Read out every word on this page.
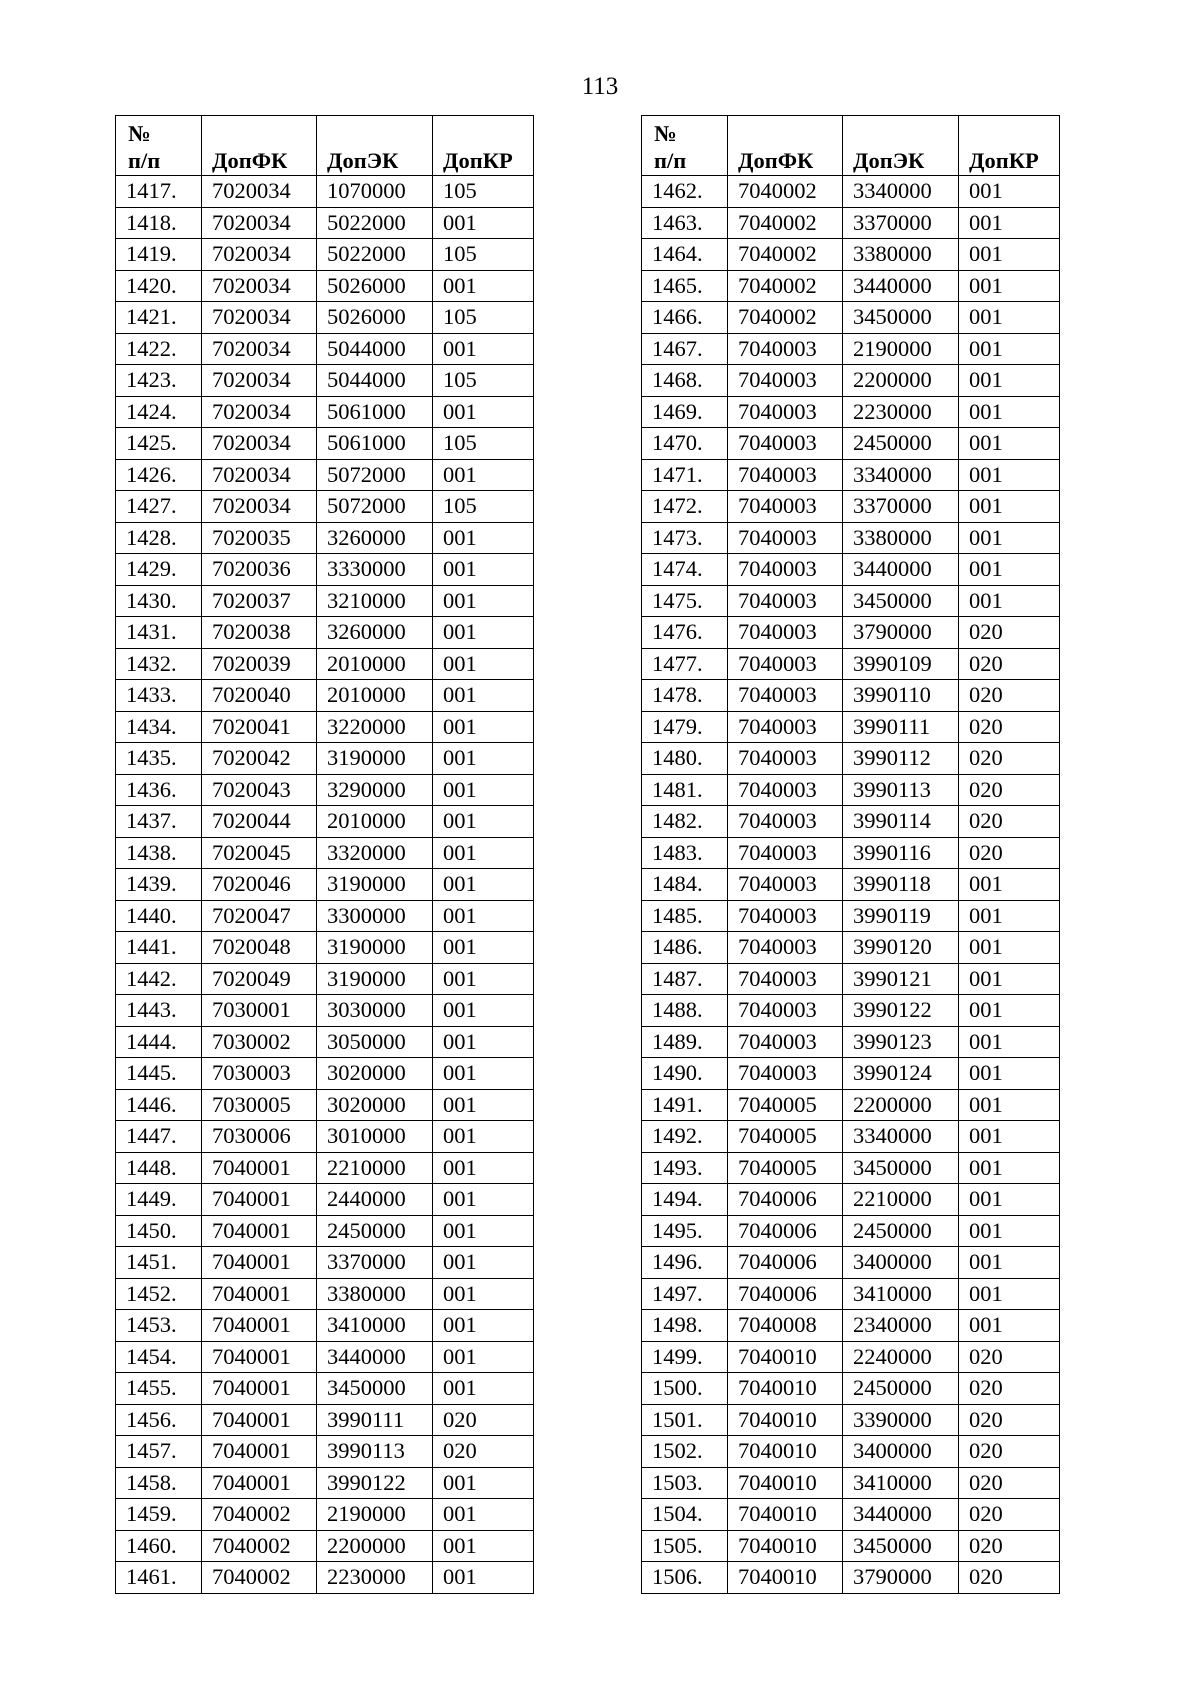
113
№
п/п	ДопФК	ДопЭК	ДопКР
1417.	7020034	1070000	105
1418.	7020034	5022000	001
1419.	7020034	5022000	105
1420.	7020034	5026000	001
1421.	7020034	5026000	105
1422.	7020034	5044000	001
1423.	7020034	5044000	105
1424.	7020034	5061000	001
1425.	7020034	5061000	105
1426.	7020034	5072000	001
1427.	7020034	5072000	105
1428.	7020035	3260000	001
1429.	7020036	3330000	001
1430.	7020037	3210000	001
1431.	7020038	3260000	001
1432.	7020039	2010000	001
1433.	7020040	2010000	001
1434.	7020041	3220000	001
1435.	7020042	3190000	001
1436.	7020043	3290000	001
1437.	7020044	2010000	001
1438.	7020045	3320000	001
1439.	7020046	3190000	001
1440.	7020047	3300000	001
1441.	7020048	3190000	001
1442.	7020049	3190000	001
1443.	7030001	3030000	001
1444.	7030002	3050000	001
1445.	7030003	3020000	001
1446.	7030005	3020000	001
1447.	7030006	3010000	001
1448.	7040001	2210000	001
1449.	7040001	2440000	001
1450.	7040001	2450000	001
1451.	7040001	3370000	001
1452.	7040001	3380000	001
1453.	7040001	3410000	001
1454.	7040001	3440000	001
1455.	7040001	3450000	001
1456.	7040001	3990111	020
1457.	7040001	3990113	020
1458.	7040001	3990122	001
1459.	7040002	2190000	001
1460.	7040002	2200000	001
1461.	7040002	2230000	001
№
п/п	ДопФК	ДопЭК	ДопКР
1462.	7040002	3340000	001
1463.	7040002	3370000	001
1464.	7040002	3380000	001
1465.	7040002	3440000	001
1466.	7040002	3450000	001
1467.	7040003	2190000	001
1468.	7040003	2200000	001
1469.	7040003	2230000	001
1470.	7040003	2450000	001
1471.	7040003	3340000	001
1472.	7040003	3370000	001
1473.	7040003	3380000	001
1474.	7040003	3440000	001
1475.	7040003	3450000	001
1476.	7040003	3790000	020
1477.	7040003	3990109	020
1478.	7040003	3990110	020
1479.	7040003	3990111	020
1480.	7040003	3990112	020
1481.	7040003	3990113	020
1482.	7040003	3990114	020
1483.	7040003	3990116	020
1484.	7040003	3990118	001
1485.	7040003	3990119	001
1486.	7040003	3990120	001
1487.	7040003	3990121	001
1488.	7040003	3990122	001
1489.	7040003	3990123	001
1490.	7040003	3990124	001
1491.	7040005	2200000	001
1492.	7040005	3340000	001
1493.	7040005	3450000	001
1494.	7040006	2210000	001
1495.	7040006	2450000	001
1496.	7040006	3400000	001
1497.	7040006	3410000	001
1498.	7040008	2340000	001
1499.	7040010	2240000	020
1500.	7040010	2450000	020
1501.	7040010	3390000	020
1502.	7040010	3400000	020
1503.	7040010	3410000	020
1504.	7040010	3440000	020
1505.	7040010	3450000	020
1506.	7040010	3790000	020
